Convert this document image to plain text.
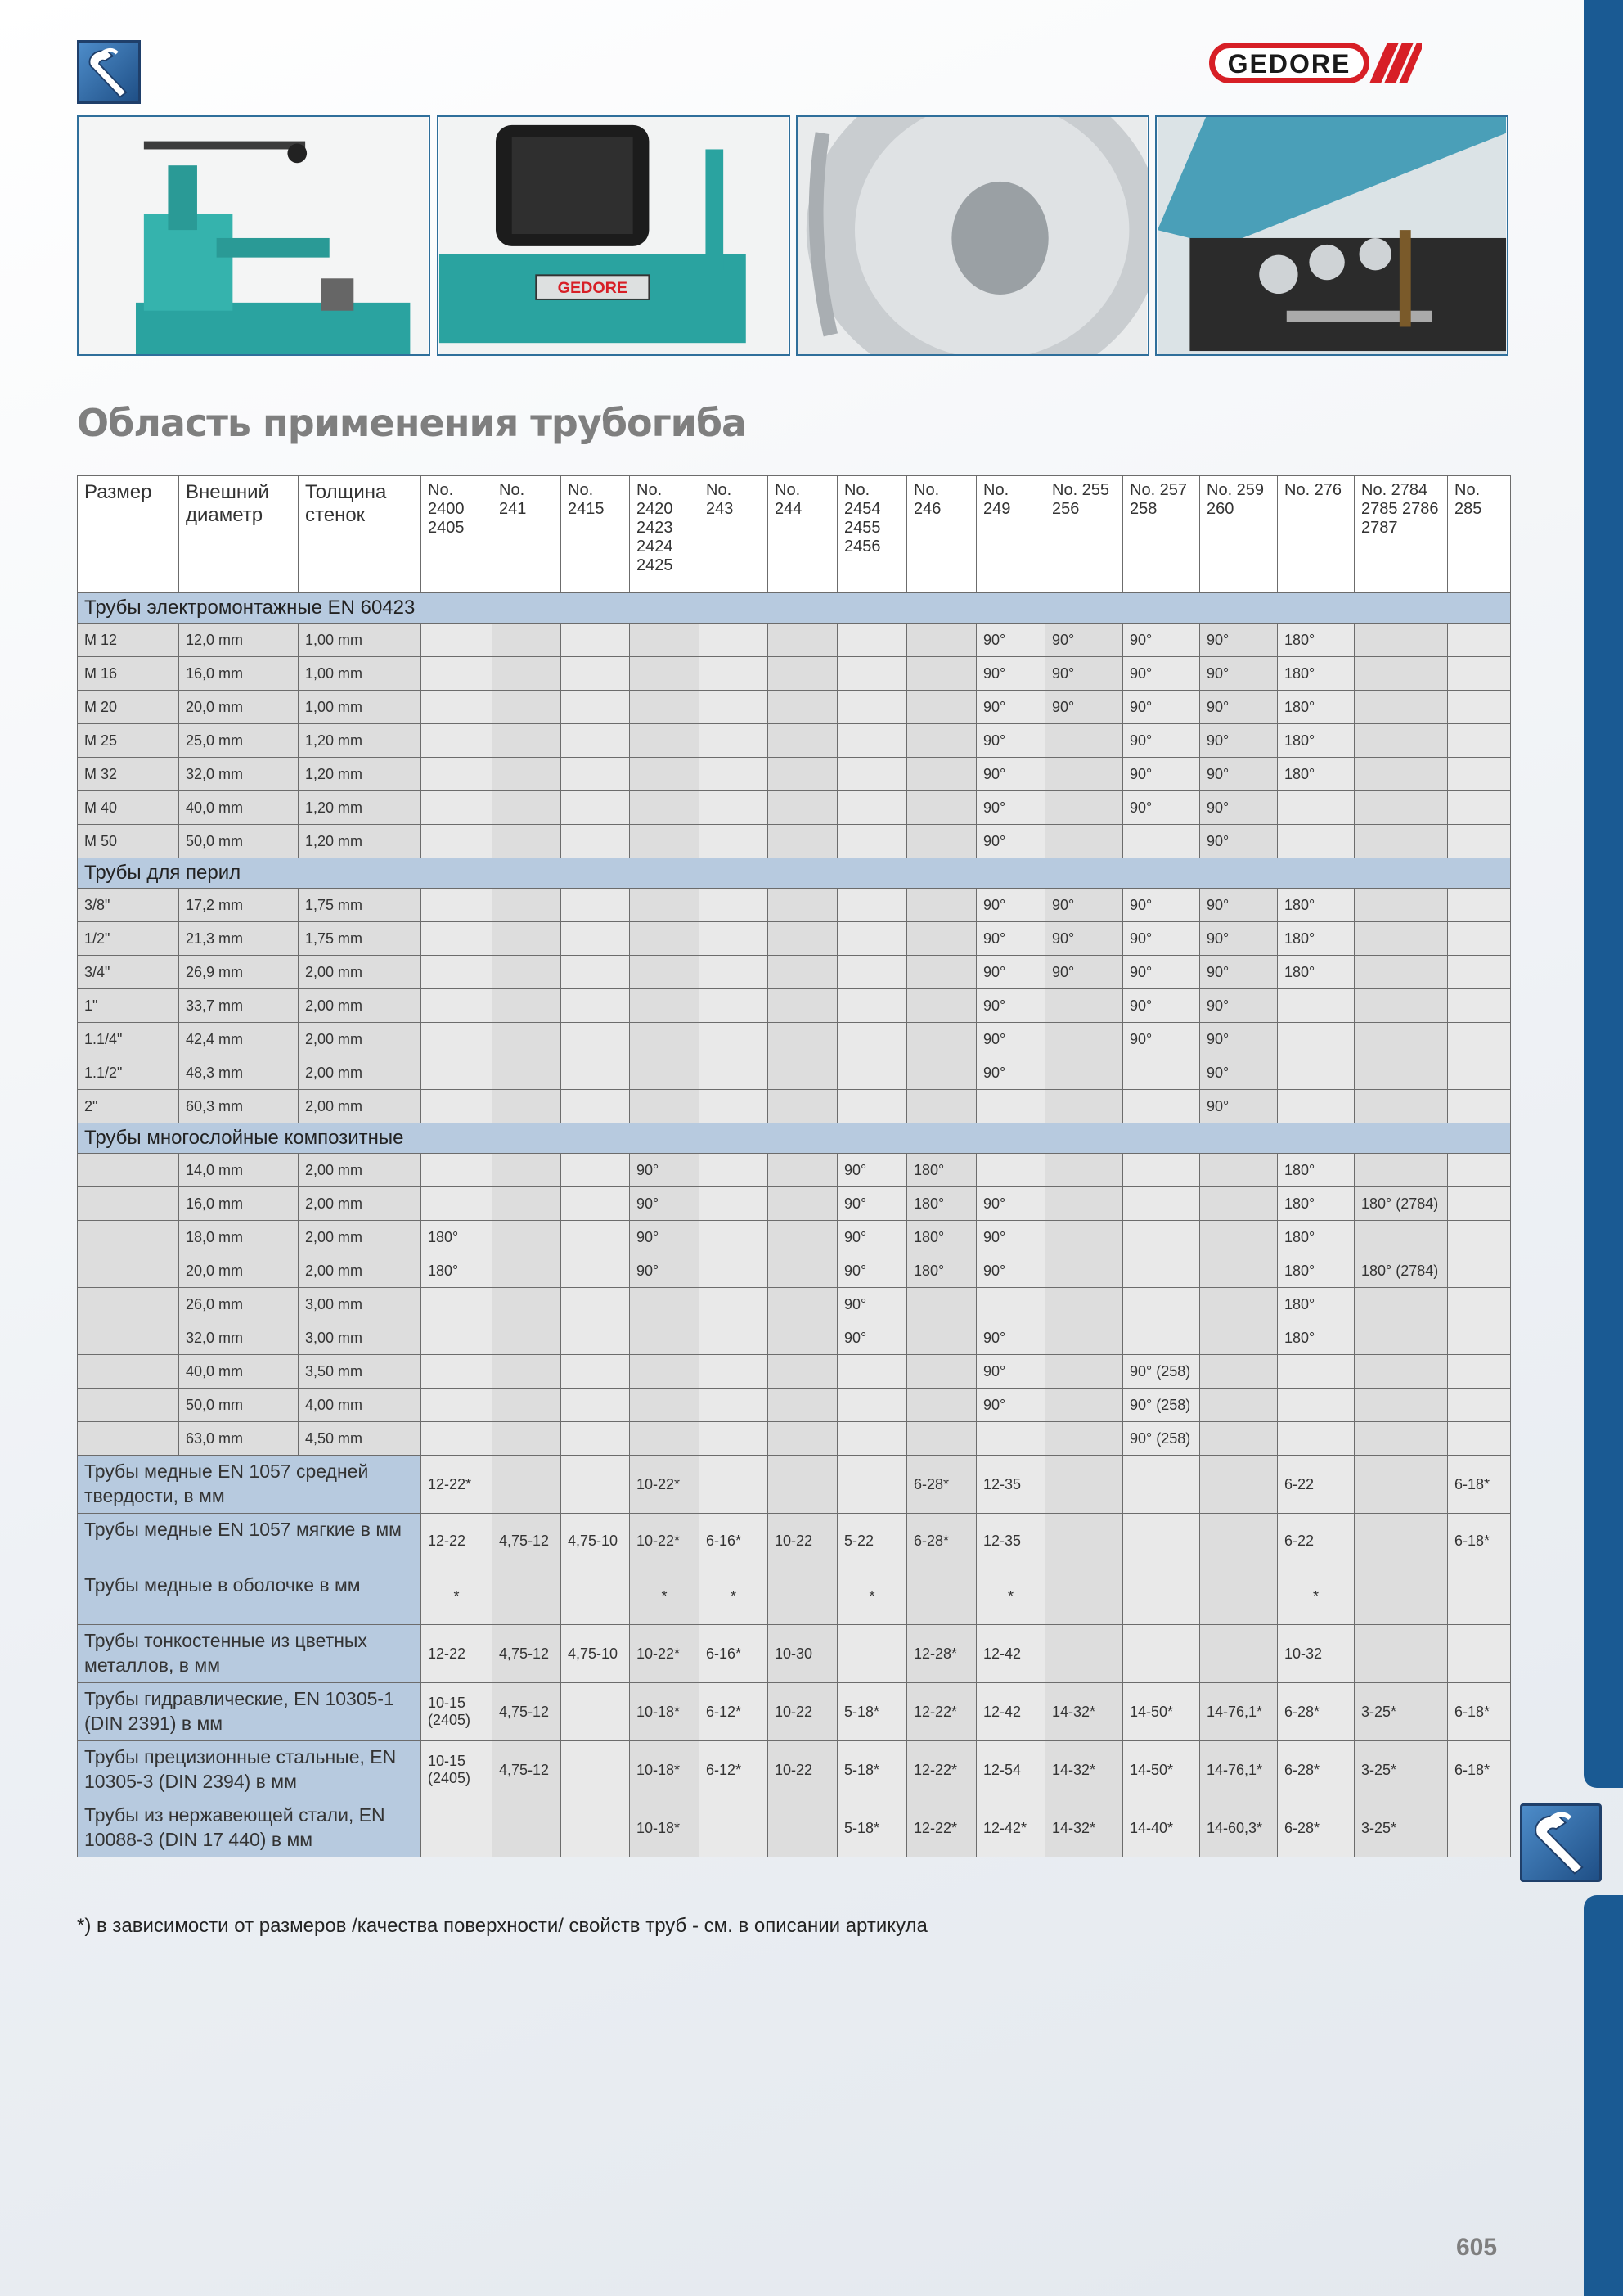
GEDORE
GEDORE
Область применения трубогиба
Размер	Внешний диаметр	Толщина стенок	No. 2400 2405	No. 241	No. 2415	No. 2420 2423 2424 2425	No. 243	No. 244	No. 2454 2455 2456	No. 246	No. 249	No. 255 256	No. 257 258	No. 259 260	No. 276	No. 2784 2785 2786 2787	No. 285
Трубы электромонтажные EN 60423																	
M 12	12,0 mm	1,00 mm									90°	90°	90°	90°	180°		
M 16	16,0 mm	1,00 mm									90°	90°	90°	90°	180°		
M 20	20,0 mm	1,00 mm									90°	90°	90°	90°	180°		
M 25	25,0 mm	1,20 mm									90°		90°	90°	180°		
M 32	32,0 mm	1,20 mm									90°		90°	90°	180°		
M 40	40,0 mm	1,20 mm									90°		90°	90°			
M 50	50,0 mm	1,20 mm									90°			90°			
Трубы для перил																	
3/8"	17,2 mm	1,75 mm									90°	90°	90°	90°	180°		
1/2"	21,3 mm	1,75 mm									90°	90°	90°	90°	180°		
3/4"	26,9 mm	2,00 mm									90°	90°	90°	90°	180°		
1"	33,7 mm	2,00 mm									90°		90°	90°			
1.1/4"	42,4 mm	2,00 mm									90°		90°	90°			
1.1/2"	48,3 mm	2,00 mm									90°			90°			
2"	60,3 mm	2,00 mm												90°			
Трубы многослойные композитные																	
	14,0 mm	2,00 mm				90°			90°	180°					180°		
	16,0 mm	2,00 mm				90°			90°	180°	90°				180°	180° (2784)	
	18,0 mm	2,00 mm	180°			90°			90°	180°	90°				180°		
	20,0 mm	2,00 mm	180°			90°			90°	180°	90°				180°	180° (2784)	
	26,0 mm	3,00 mm							90°						180°		
	32,0 mm	3,00 mm							90°		90°				180°		
	40,0 mm	3,50 mm									90°		90° (258)				
	50,0 mm	4,00 mm									90°		90° (258)				
	63,0 mm	4,50 mm											90° (258)				
Трубы медные EN 1057 средней твердости, в мм			12-22*			10-22*				6-28*	12-35				6-22		6-18*
Трубы медные EN 1057 мягкие в мм			12-22	4,75-12	4,75-10	10-22*	6-16*	10-22	5-22	6-28*	12-35				6-22		6-18*
Трубы медные в оболочке в мм			*			*	*		*		*				*		
Трубы тонкостенные из цветных металлов, в мм			12-22	4,75-12	4,75-10	10-22*	6-16*	10-30		12-28*	12-42				10-32		
Трубы гидравлические, EN 10305-1 (DIN 2391) в мм			10-15 (2405)	4,75-12		10-18*	6-12*	10-22	5-18*	12-22*	12-42	14-32*	14-50*	14-76,1*	6-28*	3-25*	6-18*
Трубы прецизионные стальные, EN 10305-3 (DIN 2394) в мм			10-15 (2405)	4,75-12		10-18*	6-12*	10-22	5-18*	12-22*	12-54	14-32*	14-50*	14-76,1*	6-28*	3-25*	6-18*
Трубы из нержавеющей стали, EN 10088-3 (DIN 17 440) в мм						10-18*			5-18*	12-22*	12-42*	14-32*	14-40*	14-60,3*	6-28*	3-25*	
*) в зависимости от размеров /качества поверхности/ свойств труб - см. в описании артикула
605
